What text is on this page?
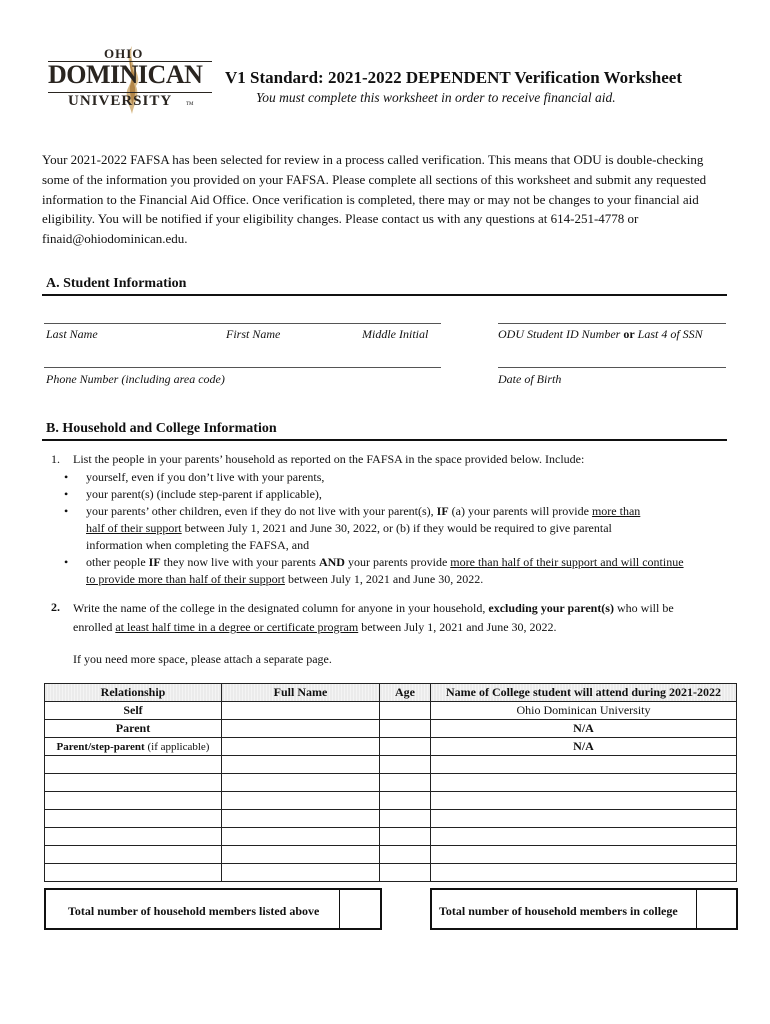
OHIO
DOMINICAN
UNIVERSITY	TM
V1 Standard: 2021-2022 DEPENDENT Verification Worksheet
You must complete this worksheet in order to receive financial aid.
Your 2021-2022 FAFSA has been selected for review in a process called verification. This means that ODU is double-checking some of the information you provided on your FAFSA. Please complete all sections of this worksheet and submit any requested information to the Financial Aid Office. Once verification is completed, there may or may not be changes to your financial aid eligibility. You will be notified if your eligibility changes. Please contact us with any questions at 614-251-4778 or finaid@ohiodominican.edu.
A. Student Information
Last Name	First Name	Middle Initial	ODU Student ID Number or Last 4 of SSN
Phone Number (including area code)	Date of Birth
B. Household and College Information
1. List the people in your parents’ household as reported on the FAFSA in the space provided below. Include:
• yourself, even if you don’t live with your parents,
• your parent(s) (include step-parent if applicable),
• your parents’ other children, even if they do not live with your parent(s), IF (a) your parents will provide more than
half of their support between July 1, 2021 and June 30, 2022, or (b) if they would be required to give parental
information when completing the FAFSA, and
• other people IF they now live with your parents AND your parents provide more than half of their support and will continue
to provide more than half of their support between July 1, 2021 and June 30, 2022.
2. Write the name of the college in the designated column for anyone in your household, excluding your parent(s) who will be
enrolled at least half time in a degree or certificate program between July 1, 2021 and June 30, 2022.
If you need more space, please attach a separate page.
Relationship	Full Name	Age	Name of College student will attend during 2021-2022
Self			Ohio Dominican University
Parent			N/A
Parent/step-parent (if applicable)			N/A

Total number of household members listed above	Total number of household members in college
